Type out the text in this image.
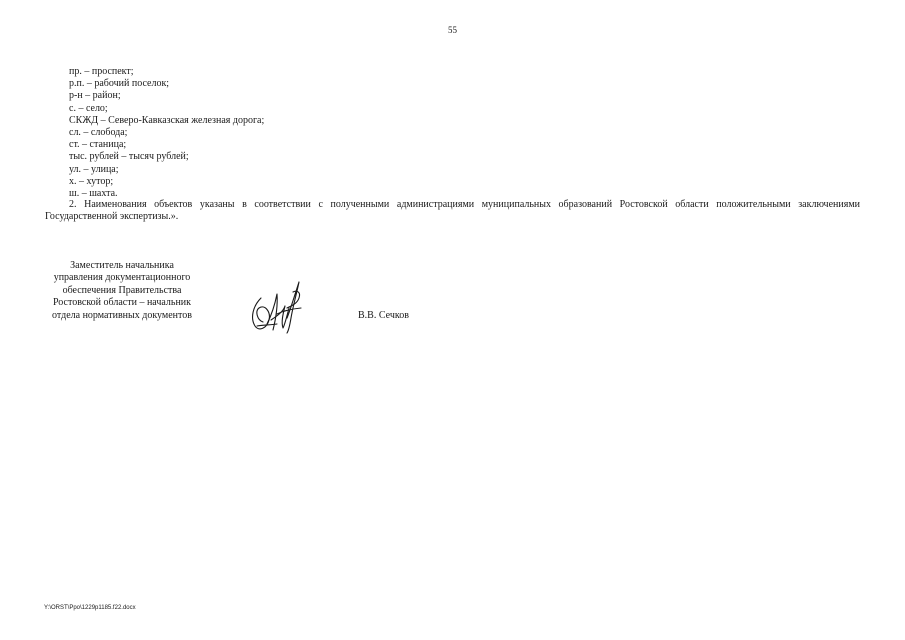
55
пр. – проспект;
р.п. – рабочий поселок;
р-н – район;
с. – село;
СКЖД – Северо-Кавказская железная дорога;
сл. – слобода;
ст. – станица;
тыс. рублей – тысяч рублей;
ул. – улица;
х. – хутор;
ш. – шахта.

2. Наименования объектов указаны в соответствии с полученными администрациями муниципальных образований Ростовской области положительными заключениями Государственной экспертизы.».

Заместитель начальника
управления документационного
обеспечения Правительства
Ростовской области – начальник
отдела нормативных документов	В.В. Сечков
Y:\ORST\Ppo\1229p1185.f22.docx
